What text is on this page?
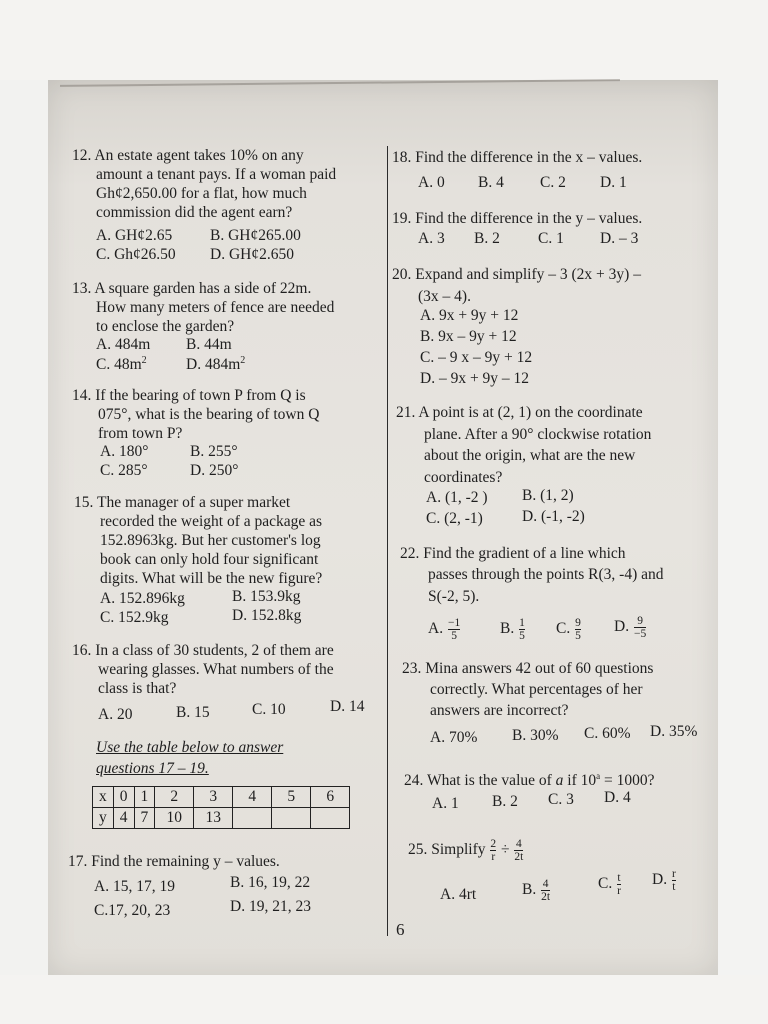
12. An estate agent takes 10% on any
amount a tenant pays. If a woman paid
Gh¢2,650.00 for a flat, how much
commission did the agent earn?
A. GH¢2.65 B. GH¢265.00
C. Gh¢26.50 D. GH¢2.650
13. A square garden has a side of 22m.
How many meters of fence are needed
to enclose the garden?
A. 484m B. 44m
C. $48m^2$	D. $484m^2$
14. If the bearing of town P from Q is
075°, what is the bearing of town Q
from town P?
A. 180°	B. 255°
C. 285°	D. 250°
15. The manager of a super market
recorded the weight of a package as
152.8963kg. But her customer's log
book can only hold four significant
digits. What will be the new figure?
A. 152.896kg	B. 153.9kg
C. 152.9kg	D. 152.8kg
16. In a class of 30 students, 2 of them are
wearing glasses. What numbers of the
class is that?
A. 20	B. 15	C. 10	D. 14
Use the table below to answer
questions 17 – 19.
x	0	1	2	3	4	5	6
y	4	7	10	13			
17. Find the remaining y – values.
A. 15, 17, 19	B. 16, 19, 22
C.17, 20, 23	D. 19, 21, 23
18. Find the difference in the x – values.
A. 0 B. 4 C. 2 D. 1
19. Find the difference in the y – values.
A. 3 B. 2 C. 1 D. – 3
20. Expand and simplify – 3 (2x + 3y) –
(3x – 4).
A. 9x + 9y + 12
B. 9x – 9y + 12
C. – 9 x – 9y + 12
D. – 9x + 9y – 12
21. A point is at (2, 1) on the coordinate
plane. After a 90° clockwise rotation
about the origin, what are the new
coordinates?
A. (1, -2 ) B. (1, 2)
C. (2, -1)	D. (-1, -2)
22. Find the gradient of a line which
passes through the points R(3, -4) and
S(-2, 5).
A. $\frac{-1}{5}$	B. $\frac{1}{5} C$. $\frac{9}{5} D$. $\frac{9}{-5}$
23. Mina answers 42 out of 60 questions
correctly. What percentages of her
answers are incorrect?
A. 70% B. 30% C. 60% D. 35%
24. What is the value of a if $10^a = 1000$?
A. 1 B. 2 C. 3 D. 4
25. Simplify $\frac{2}{r} \div \frac{4}{2t}$
A. 4rt	B. $\frac{4}{2t}$	C. $\frac{t}{r} D$. $\frac{r}{t}$
6
